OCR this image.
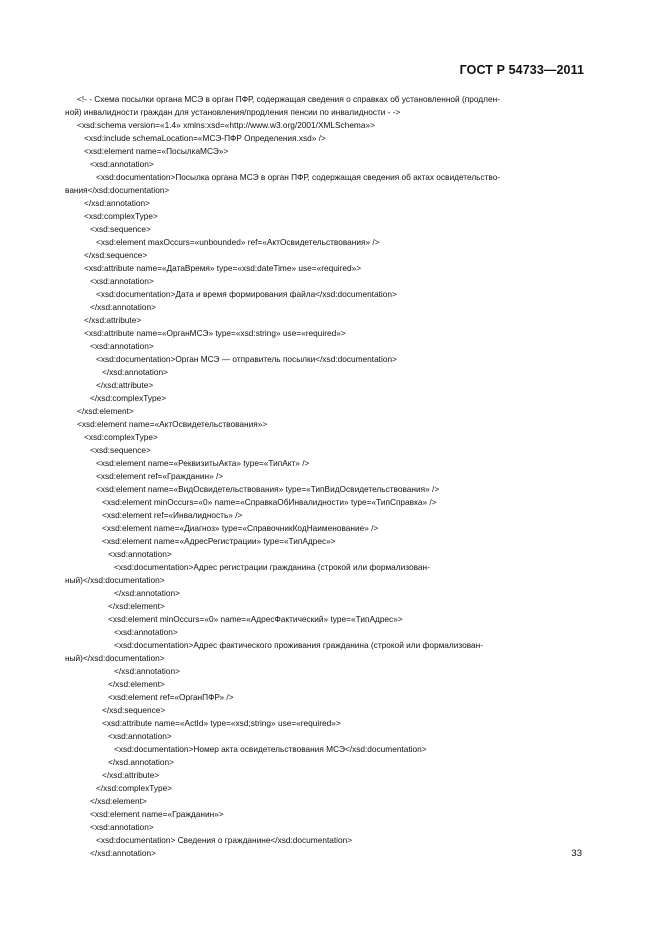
ГОСТ Р 54733—2011
<!- - Схема посылки органа МСЭ в орган ПФР, содержащая сведения о справках об установленной (продлен-
ной) инвалидности граждан для установления/продления пенсии по инвалидности - ->
<xsd:schema version=«1.4» xmlns:xsd=«http://www.w3.org/2001/XMLSchema»>
<xsd:include schemaLocation=«МСЭ-ПФР Определения.xsd» />
<xsd:element name=«ПосылкаМСЭ»>
<xsd:annotation>
<xsd:documentation>Посылка органа МСЭ в орган ПФР, содержащая сведения об актах освидетельство-
вания</xsd:documentation>
</xsd:annotation>
<xsd:complexType>
<xsd:sequence>
<xsd:element maxOccurs=«unbounded» ref=«АктОсвидетельствования» />
</xsd:sequence>
<xsd:attribute name=«ДатаВремя» type=«xsd:dateTime» use=«required»>
<xsd:annotation>
<xsd:documentation>Дата и время формирования файла</xsd:documentation>
</xsd:annotation>
</xsd:attribute>
<xsd:attribute name=«ОрганМСЭ» type=«xsd:string» use=«required»>
<xsd:annotation>
<xsd:documentation>Орган МСЭ — отправитель посылки</xsd:documentation>
</xsd:annotation>
</xsd:attribute>
</xsd:complexType>
</xsd:element>
<xsd:element name=«АктОсвидетельствования»>
<xsd:complexType>
<xsd:sequence>
<xsd:element name=«РеквизитыАкта» type=«ТипАкт» />
<xsd:element ref=«Гражданин» />
<xsd:element name=«ВидОсвидетельствования» type=«ТипВидОсвидетельствования» />
<xsd:element minOccurs=«0» name=«СправкаОбИнвалидности» type=«ТипСправка» />
<xsd:element ref=«Инвалидность» />
<xsd:element name=«Диагноз» type=«СправочникКодНаименование» />
<xsd:element name=«АдресРегистрации» type=«ТипАдрес»>
<xsd:annotation>
<xsd:documentation>Адрес регистрации гражданина (строкой или формализован-
ный)</xsd:documentation>
</xsd:annotation>
</xsd:element>
<xsd:element minOccurs=«0» name=«АдресФактический» type=«ТипАдрес»>
<xsd:annotation>
<xsd:documentation>Адрес фактического проживания гражданина (строкой или формализован-
ный)</xsd:documentation>
</xsd:annotation>
</xsd:element>
<xsd:element ref=«ОрганПФР» />
</xsd:sequence>
<xsd:attribute name=«ActId» type=«xsd;string» use=«required»>
<xsd:annotation>
<xsd:documentation>Номер акта освидетельствования МСЭ</xsd:documentation>
</xsd.annotation>
</xsd:attribute>
</xsd:complexType>
</xsd:element>
<xsd:element name=«Гражданин»>
<xsd:annotation>
<xsd:documentation> Сведения о гражданине</xsd:documentation>
</xsd:annotation>	33
